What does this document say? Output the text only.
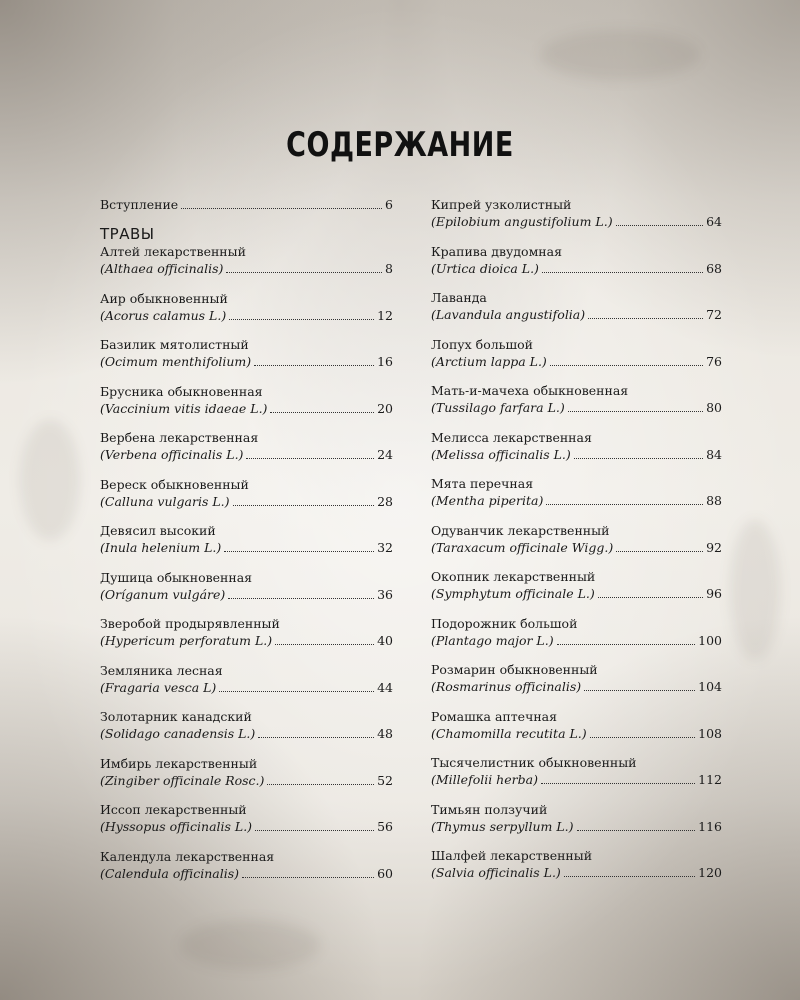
СОДЕРЖАНИЕ
Вступление	6
ТРАВЫ
Алтей лекарственный
(Althaea officinalis)	8
Аир обыкновенный
(Acorus calamus L.)	12
Базилик мятолистный
(Ocimum menthifolium)	16
Брусника обыкновенная
(Vaccinium vitis idaeae L.)	20
Вербена лекарственная
(Verbena officinalis L.)	24
Вереск обыкновенный
(Calluna vulgaris L.)	28
Девясил высокий
(Inula helenium L.)	32
Душица обыкновенная
(Oríganum vulgáre)	36
Зверобой продырявленный
(Hypericum perforatum L.)	40
Земляника лесная
(Fragaria vesca L)	44
Золотарник канадский
(Solidago canadensis L.)	48
Имбирь лекарственный
(Zingiber officinale Rosc.)	52
Иссоп лекарственный
(Hyssopus officinalis L.)	56
Календула лекарственная
(Calendula officinalis)	60
Кипрей узколистный
(Epilobium angustifolium L.)	64
Крапива двудомная
(Urtica dioica L.)	68
Лаванда
(Lavandula angustifolia)	72
Лопух большой
(Arctium lappa L.)	76
Мать-и-мачеха обыкновенная
(Tussilago farfara L.)	80
Мелисса лекарственная
(Melissa officinalis L.)	84
Мята перечная
(Mentha piperita)	88
Одуванчик лекарственный
(Taraxacum officinale Wigg.)	92
Окопник лекарственный
(Symphytum officinale L.)	96
Подорожник большой
(Plantago major L.)	100
Розмарин обыкновенный
(Rosmarinus officinalis)	104
Ромашка аптечная
(Chamomilla recutita L.)	108
Тысячелистник обыкновенный
(Millefolii herba)	112
Тимьян ползучий
(Thymus serpyllum L.)	116
Шалфей лекарственный
(Salvia officinalis L.)	120
